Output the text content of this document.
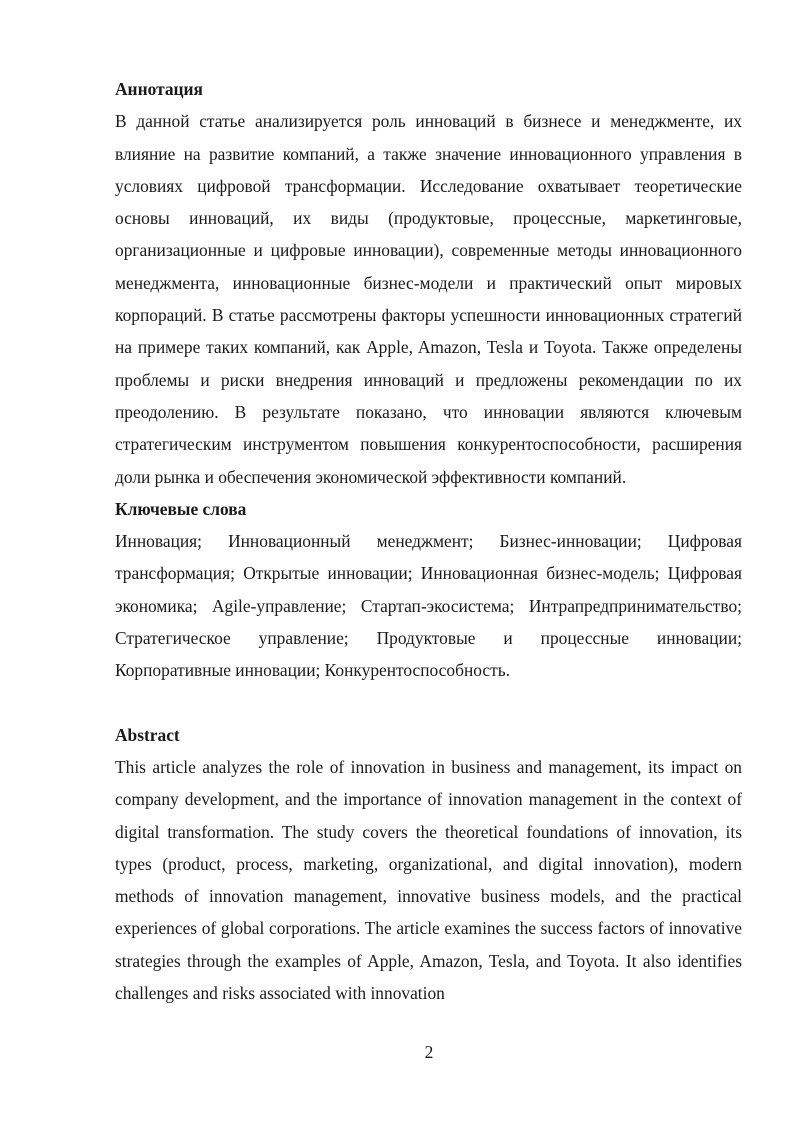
Аннотация

В данной статье анализируется роль инноваций в бизнесе и менеджменте, их влияние на развитие компаний, а также значение инновационного управления в условиях цифровой трансформации. Исследование охватывает теоретические основы инноваций, их виды (продуктовые, процессные, маркетинговые, организационные и цифровые инновации), современные методы инновационного менеджмента, инновационные бизнес-модели и практический опыт мировых корпораций. В статье рассмотрены факторы успешности инновационных стратегий на примере таких компаний, как Apple, Amazon, Tesla и Toyota. Также определены проблемы и риски внедрения инноваций и предложены рекомендации по их преодолению. В результате показано, что инновации являются ключевым стратегическим инструментом повышения конкурентоспособности, расширения доли рынка и обеспечения экономической эффективности компаний.

Ключевые слова

Инновация; Инновационный менеджмент; Бизнес-инновации; Цифровая трансформация; Открытые инновации; Инновационная бизнес-модель; Цифровая экономика; Agile-управление; Стартап-экосистема; Интрапредпринимательство; Стратегическое управление; Продуктовые и процессные инновации; Корпоративные инновации; Конкурентоспособность.

Abstract

This article analyzes the role of innovation in business and management, its impact on company development, and the importance of innovation management in the context of digital transformation. The study covers the theoretical foundations of innovation, its types (product, process, marketing, organizational, and digital innovation), modern methods of innovation management, innovative business models, and the practical experiences of global corporations. The article examines the success factors of innovative strategies through the examples of Apple, Amazon, Tesla, and Toyota. It also identifies challenges and risks associated with innovation

2
